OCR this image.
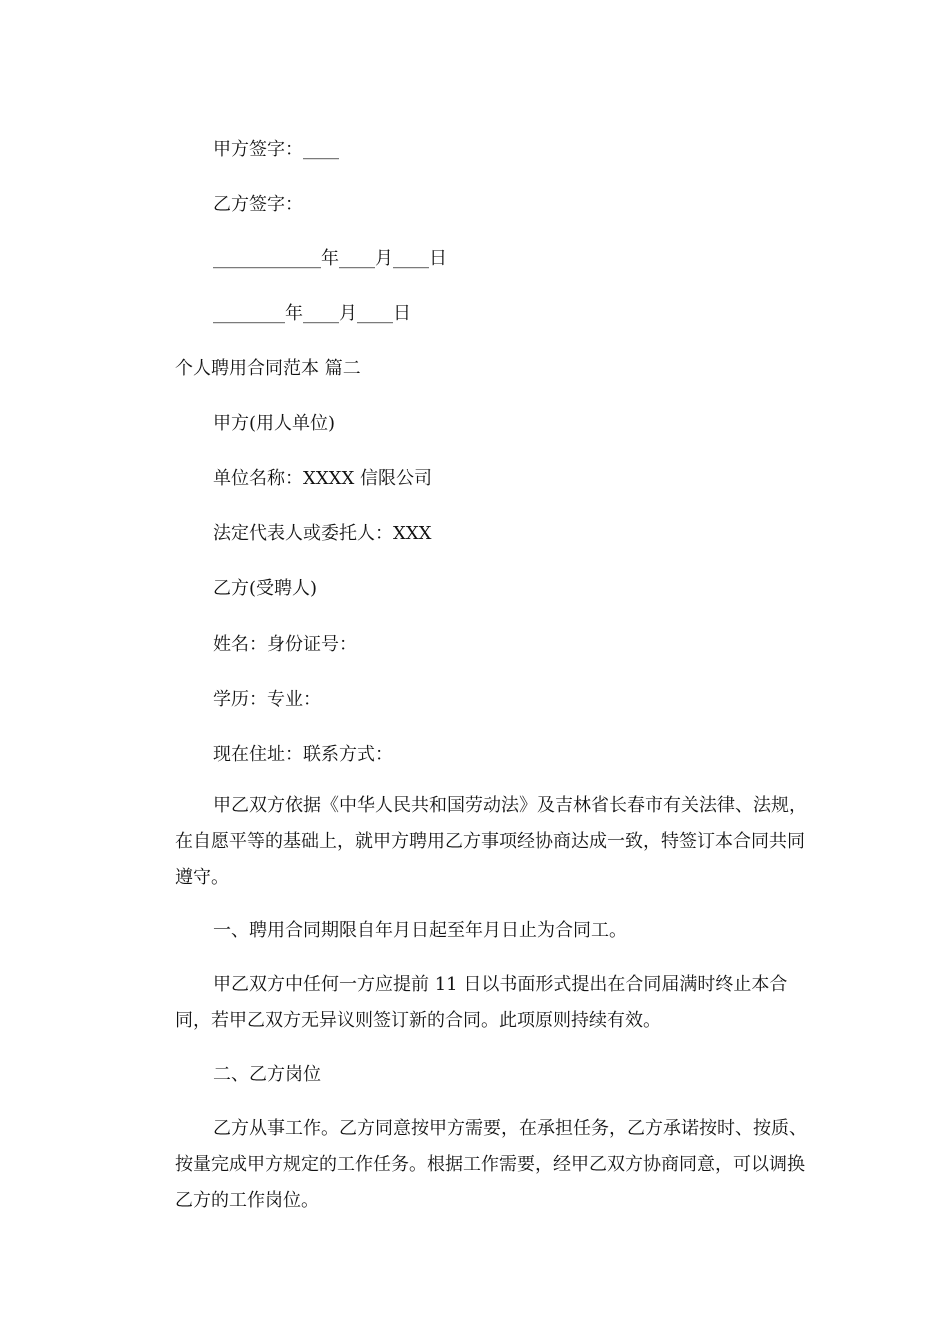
甲方签字：____
乙方签字：
____________年____月____日
________年____月____日
个人聘用合同范本 篇二
甲方(用人单位)
单位名称：XXXX 信限公司
法定代表人或委托人：XXX
乙方(受聘人)
姓名：身份证号：
学历：专业：
现在住址：联系方式：
甲乙双方依据《中华人民共和国劳动法》及吉林省长春市有关法律、法规，在自愿平等的基础上，就甲方聘用乙方事项经协商达成一致，特签订本合同共同遵守。
一、聘用合同期限自年月日起至年月日止为合同工。
甲乙双方中任何一方应提前 11 日以书面形式提出在合同届满时终止本合同，若甲乙双方无异议则签订新的合同。此项原则持续有效。
二、乙方岗位
乙方从事工作。乙方同意按甲方需要，在承担任务，乙方承诺按时、按质、按量完成甲方规定的工作任务。根据工作需要，经甲乙双方协商同意，可以调换乙方的工作岗位。
